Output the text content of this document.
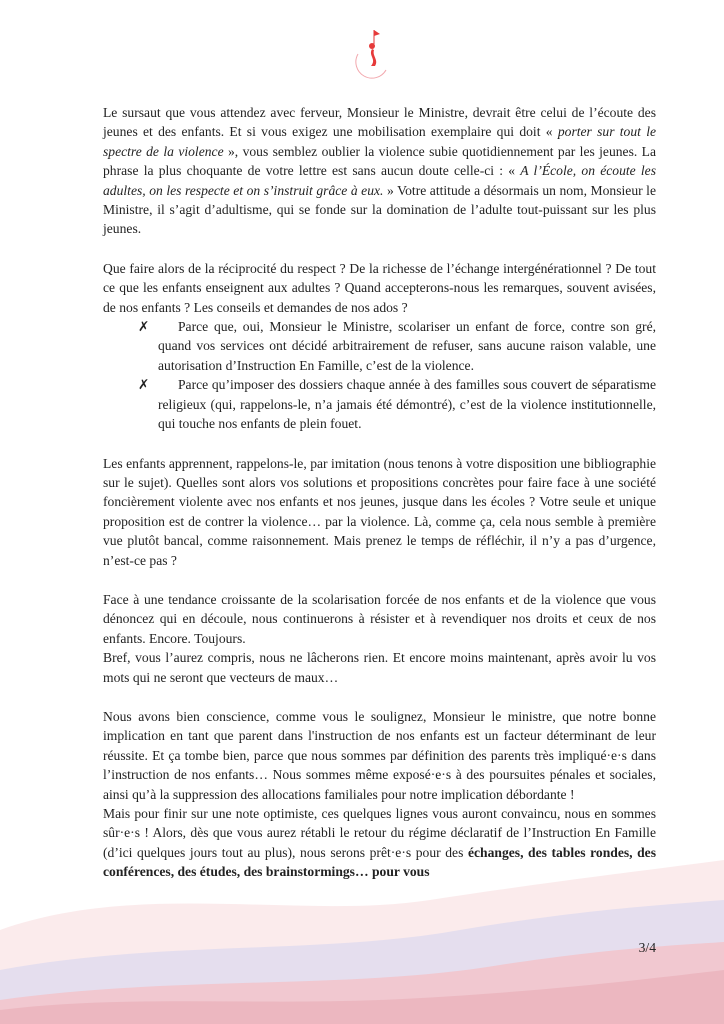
Le sursaut que vous attendez avec ferveur, Monsieur le Ministre, devrait être celui de l’écoute des jeunes et des enfants. Et si vous exigez une mobilisation exemplaire qui doit « porter sur tout le spectre de la violence », vous semblez oublier la violence subie quotidiennement par les jeunes. La phrase la plus choquante de votre lettre est sans aucun doute celle-ci : « A l’École, on écoute les adultes, on les respecte et on s’instruit grâce à eux. » Votre attitude a désormais un nom, Monsieur le Ministre, il s’agit d’adultisme, qui se fonde sur la domination de l’adulte tout-puissant sur les plus jeunes.

Que faire alors de la réciprocité du respect ? De la richesse de l’échange intergénérationnel ? De tout ce que les enfants enseignent aux adultes ? Quand accepterons-nous les remarques, souvent avisées, de nos enfants ? Les conseils et demandes de nos ados ?

✗ Parce que, oui, Monsieur le Ministre, scolariser un enfant de force, contre son gré, quand vos services ont décidé arbitrairement de refuser, sans aucune raison valable, une autorisation d’Instruction En Famille, c’est de la violence.
✗ Parce qu’imposer des dossiers chaque année à des familles sous couvert de séparatisme religieux (qui, rappelons-le, n’a jamais été démontré), c’est de la violence institutionnelle, qui touche nos enfants de plein fouet.

Les enfants apprennent, rappelons-le, par imitation (nous tenons à votre disposition une bibliographie sur le sujet). Quelles sont alors vos solutions et propositions concrètes pour faire face à une société foncièrement violente avec nos enfants et nos jeunes, jusque dans les écoles ? Votre seule et unique proposition est de contrer la violence… par la violence. Là, comme ça, cela nous semble à première vue plutôt bancal, comme raisonnement. Mais prenez le temps de réfléchir, il n’y a pas d’urgence, n’est-ce pas ?

Face à une tendance croissante de la scolarisation forcée de nos enfants et de la violence que vous dénoncez qui en découle, nous continuerons à résister et à revendiquer nos droits et ceux de nos enfants. Encore. Toujours.

Bref, vous l’aurez compris, nous ne lâcherons rien. Et encore moins maintenant, après avoir lu vos mots qui ne seront que vecteurs de maux…

Nous avons bien conscience, comme vous le soulignez, Monsieur le ministre, que notre bonne implication en tant que parent dans l'instruction de nos enfants est un facteur déterminant de leur réussite. Et ça tombe bien, parce que nous sommes par définition des parents très impliqué·e·s dans l’instruction de nos enfants… Nous sommes même exposé·e·s à des poursuites pénales et sociales, ainsi qu’à la suppression des allocations familiales pour notre implication débordante !

Mais pour finir sur une note optimiste, ces quelques lignes vous auront convaincu, nous en sommes sûr·e·s ! Alors, dès que vous aurez rétabli le retour du régime déclaratif de l’Instruction En Famille (d’ici quelques jours tout au plus), nous serons prêt·e·s pour des échanges, des tables rondes, des conférences, des études, des brainstormings… pour vous

3/4
